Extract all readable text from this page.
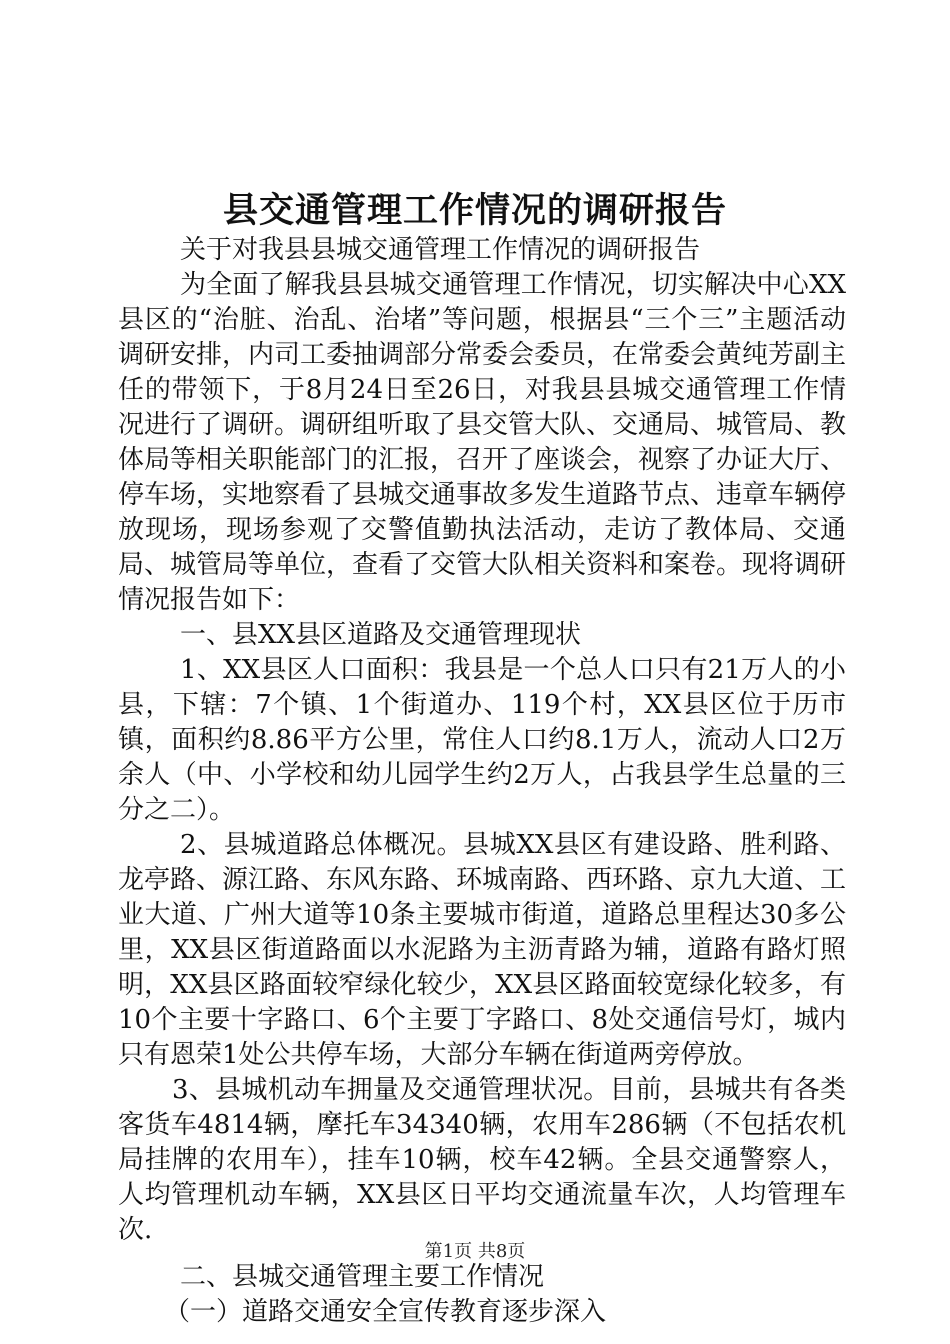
县交通管理工作情况的调研报告

关于对我县县城交通管理工作情况的调研报告

为全面了解我县县城交通管理工作情况，切实解决中心XX县区的“治脏、治乱、治堵”等问题，根据县“三个三”主题活动调研安排，内司工委抽调部分常委会委员，在常委会黄纯芳副主任的带领下，于8月24日至26日，对我县县城交通管理工作情况进行了调研。调研组听取了县交管大队、交通局、城管局、教体局等相关职能部门的汇报，召开了座谈会，视察了办证大厅、停车场，实地察看了县城交通事故多发生道路节点、违章车辆停放现场，现场参观了交警值勤执法活动，走访了教体局、交通局、城管局等单位，查看了交管大队相关资料和案卷。现将调研情况报告如下：

一、县XX县区道路及交通管理现状

1、XX县区人口面积：我县是一个总人口只有21万人的小县，下辖：7个镇、1个街道办、119个村，XX县区位于历市镇，面积约8.86平方公里，常住人口约8.1万人，流动人口2万余人（中、小学校和幼儿园学生约2万人，占我县学生总量的三分之二）。

2、县城道路总体概况。县城XX县区有建设路、胜利路、龙亭路、源江路、东风东路、环城南路、西环路、京九大道、工业大道、广州大道等10条主要城市街道，道路总里程达30多公里，XX县区街道路面以水泥路为主沥青路为辅，道路有路灯照明，XX县区路面较窄绿化较少，XX县区路面较宽绿化较多，有10个主要十字路口、6个主要丁字路口、8处交通信号灯，城内只有恩荣1处公共停车场，大部分车辆在街道两旁停放。

3、县城机动车拥量及交通管理状况。目前，县城共有各类客货车4814辆，摩托车34340辆，农用车286辆（不包括农机局挂牌的农用车），挂车10辆，校车42辆。全县交通警察人，人均管理机动车辆，XX县区日平均交通流量车次，人均管理车次.

二、县城交通管理主要工作情况

（一）道路交通安全宣传教育逐步深入

第1页 共8页
